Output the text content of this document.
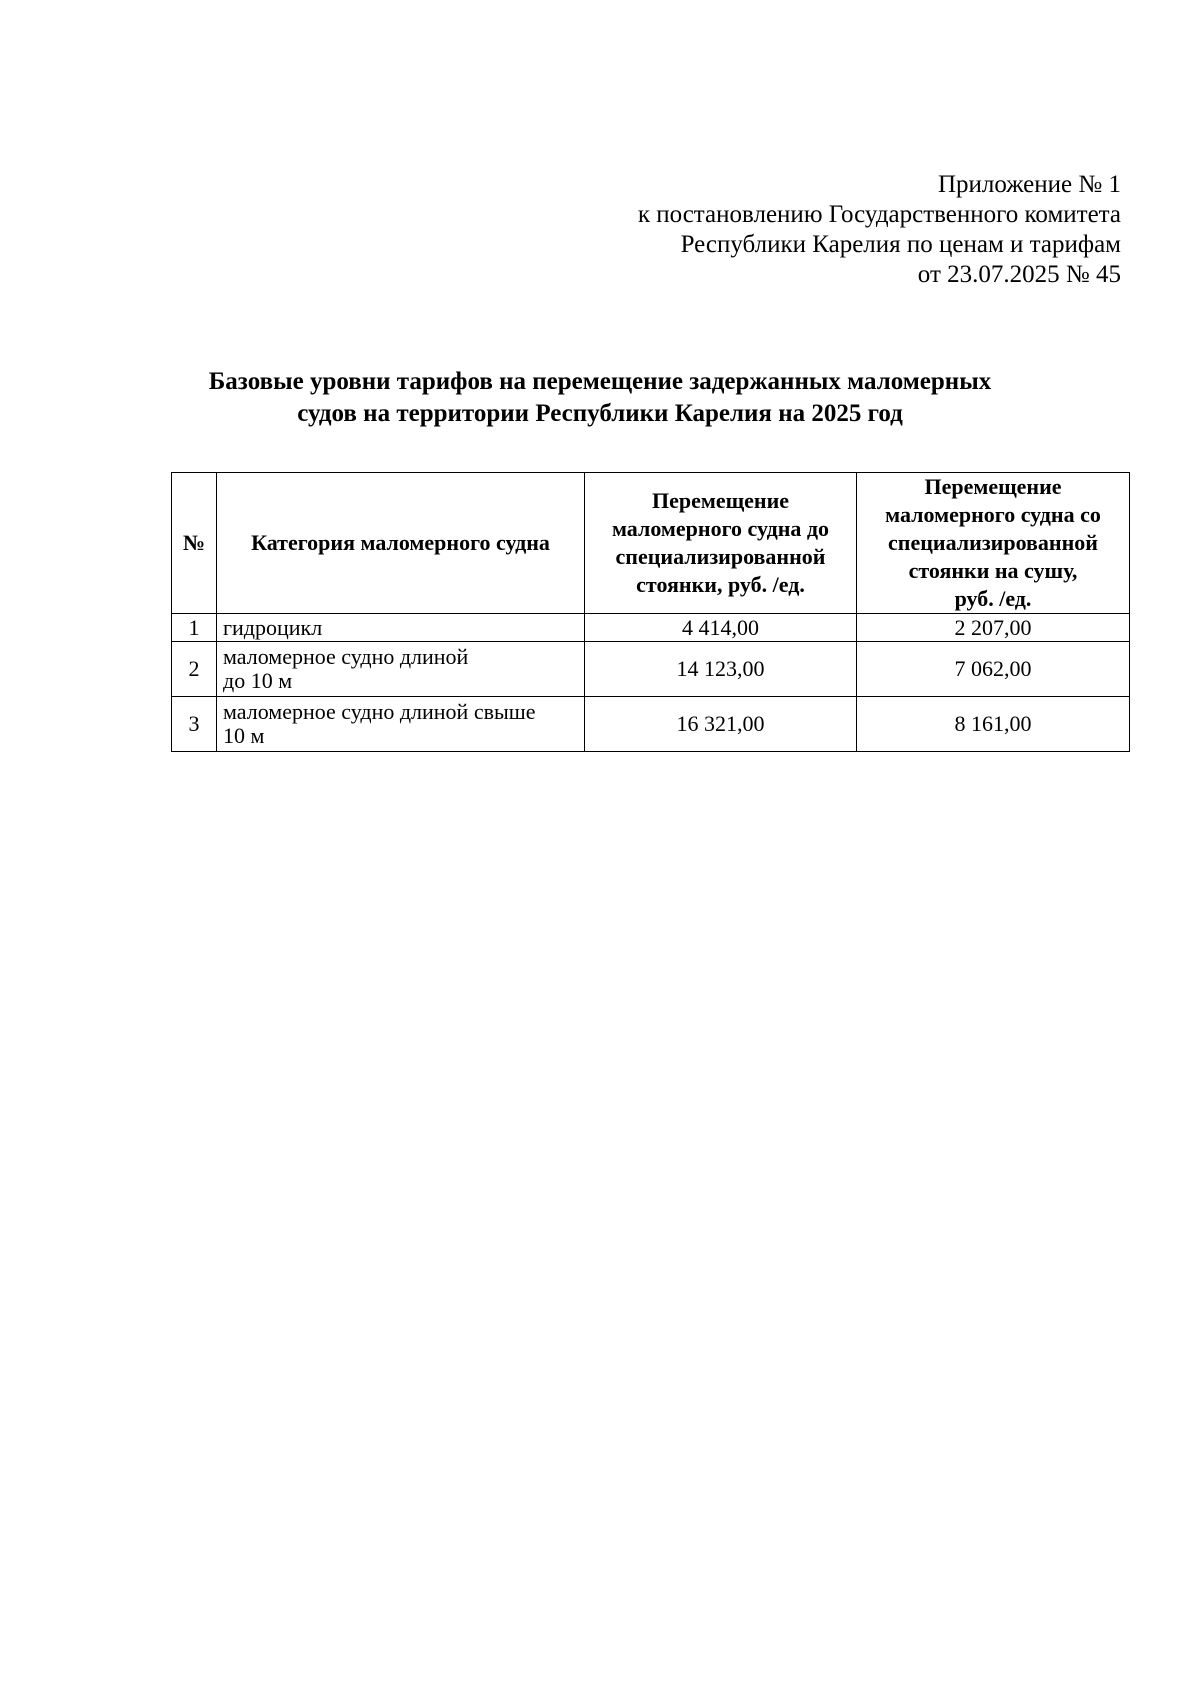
Приложение № 1
к постановлению Государственного комитета
Республики Карелия по ценам и тарифам
от 23.07.2025 № 45
Базовые уровни тарифов на перемещение задержанных маломерных
судов на территории Республики Карелия на 2025 год
№	Категория маломерного судна	Перемещение
маломерного судна до
специализированной
стоянки, руб. /ед.	Перемещение
маломерного судна со
специализированной
стоянки на сушу,
руб. /ед.

1	гидроцикл	4 414,00	2 207,00
2	маломерное судно длиной
до 10 м	14 123,00	7 062,00
3	маломерное судно длиной свыше
10 м	16 321,00	8 161,00
